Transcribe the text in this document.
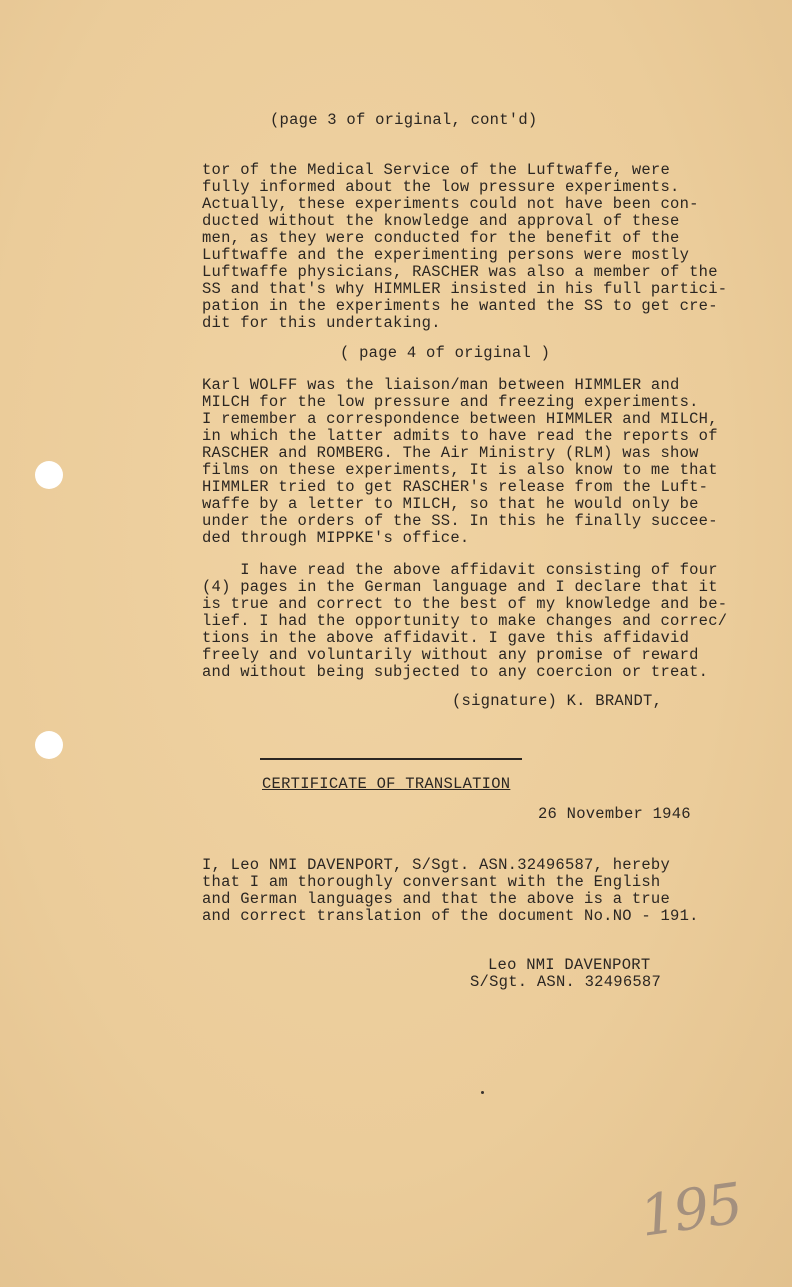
(page 3 of original, cont'd)
tor of the Medical Service of the Luftwaffe, were
fully informed about the low pressure experiments.
Actually, these experiments could not have been con-
ducted without the knowledge and approval of these
men, as they were conducted for the benefit of the
Luftwaffe and the experimenting persons were mostly
Luftwaffe physicians, RASCHER was also a member of the
SS and that's why HIMMLER insisted in his full partici-
pation in the experiments he wanted the SS to get cre-
dit for this undertaking.
( page 4 of original )
Karl WOLFF was the liaison/man between HIMMLER and
MILCH for the low pressure and freezing experiments.
I remember a correspondence between HIMMLER and MILCH,
in which the latter admits to have read the reports of
RASCHER and ROMBERG. The Air Ministry (RLM) was show
films on these experiments, It is also know to me that
HIMMLER tried to get RASCHER's release from the Luft-
waffe by a letter to MILCH, so that he would only be
under the orders of the SS. In this he finally succee-
ded through MIPPKE's office.
I have read the above affidavit consisting of four
(4) pages in the German language and I declare that it
is true and correct to the best of my knowledge and be-
lief. I had the opportunity to make changes and correc/
tions in the above affidavit. I gave this affidavid
freely and voluntarily without any promise of reward
and without being subjected to any coercion or treat.
(signature) K. BRANDT,
CERTIFICATE OF TRANSLATION
26 November 1946
I, Leo NMI DAVENPORT, S/Sgt. ASN.32496587, hereby
that I am thoroughly conversant with the English
and German languages and that the above is a true
and correct translation of the document No.NO - 191.
Leo NMI DAVENPORT
S/Sgt. ASN. 32496587
195
